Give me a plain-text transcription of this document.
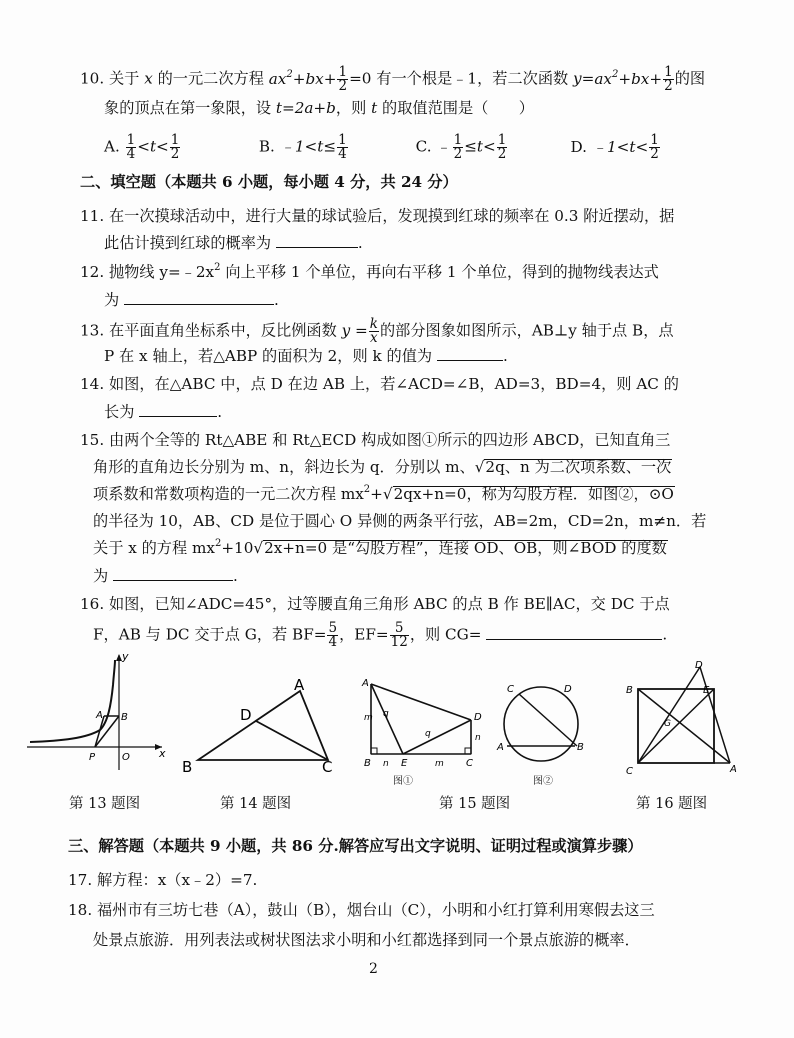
10. 关于 x 的一元二次方程 $ax^2+bx+ \frac{1}{2} =0$ 有一个根是﹣1，若二次函数 $y=ax^2+bx+ \frac{1}{2}$ 的图
象的顶点在第一象限，设 t=2a+b，则 t 的取值范围是（　　）
A. $\frac{1}{4} <t< \frac{1}{2}$	B. ﹣1<t≤ $\frac{1}{4}$	C. ﹣ $\frac{1}{2} \le t< \frac{1}{2}$	D. ﹣1<t< $\frac{1}{2}$
二、填空题（本题共 6 小题，每小题 4 分，共 24 分）
11. 在一次摸球活动中，进行大量的球试验后，发现摸到红球的频率在 0.3 附近摆动，据
此估计摸到红球的概率为	.
12. 抛物线 $y=﹣2x^2$ 向上平移 1 个单位，再向右平移 1 个单位，得到的抛物线表达式
为	.
13. 在平面直角坐标系中，反比例函数 $y = \frac{k}{x}$ 的部分图象如图所示，AB⊥y 轴于点 B，点
P 在 x 轴上，若△ABP 的面积为 2，则 k 的值为	.
14. 如图，在△ABC 中，点 D 在边 AB 上，若∠ACD=∠B，AD=3，BD=4，则 AC 的
长为	.
15. 由两个全等的 Rt△ABE 和 Rt△ECD 构成如图①所示的四边形 ABCD，已知直角三
角形的直角边长分别为 m、n，斜边长为 q．分别以 m、√2q、n 为二次项系数、一次
项系数和常数项构造的一元二次方程 $mx^2+√2qx+n=0$，称为勾股方程．如图②，⊙O
的半径为 10，AB、CD 是位于圆心 O 异侧的两条平行弦，AB=2m，CD=2n，m≠n．若
关于 x 的方程 $mx^2+10√2x+n=0$ 是“勾股方程”，连接 OD、OB，则∠BOD 的度数
为	.
16. 如图，已知∠ADC=45°，过等腰直角三角形 ABC 的点 B 作 BE∥AC，交 DC 于点
F，AB 与 DC 交于点 G，若 $BF= \frac{5}{4}$ ，$EF= \frac{5}{12}$ ，则 CG=	.
y
x
A B
P	O
B
A
D
C
A
D
B	E	C
m q
q
n	m
n
C	D
A	B
图①	图②
B
D
E
C	A
G
第 13 题图	第 14 题图	第 15 题图	第 16 题图
三、解答题（本题共 9 小题，共 86 分.解答应写出文字说明、证明过程或演算步骤）
17. 解方程：x（x﹣2）=7.
18. 福州市有三坊七巷（A），鼓山（B），烟台山（C），小明和小红打算利用寒假去这三
处景点旅游．用列表法或树状图法求小明和小红都选择到同一个景点旅游的概率．
2
